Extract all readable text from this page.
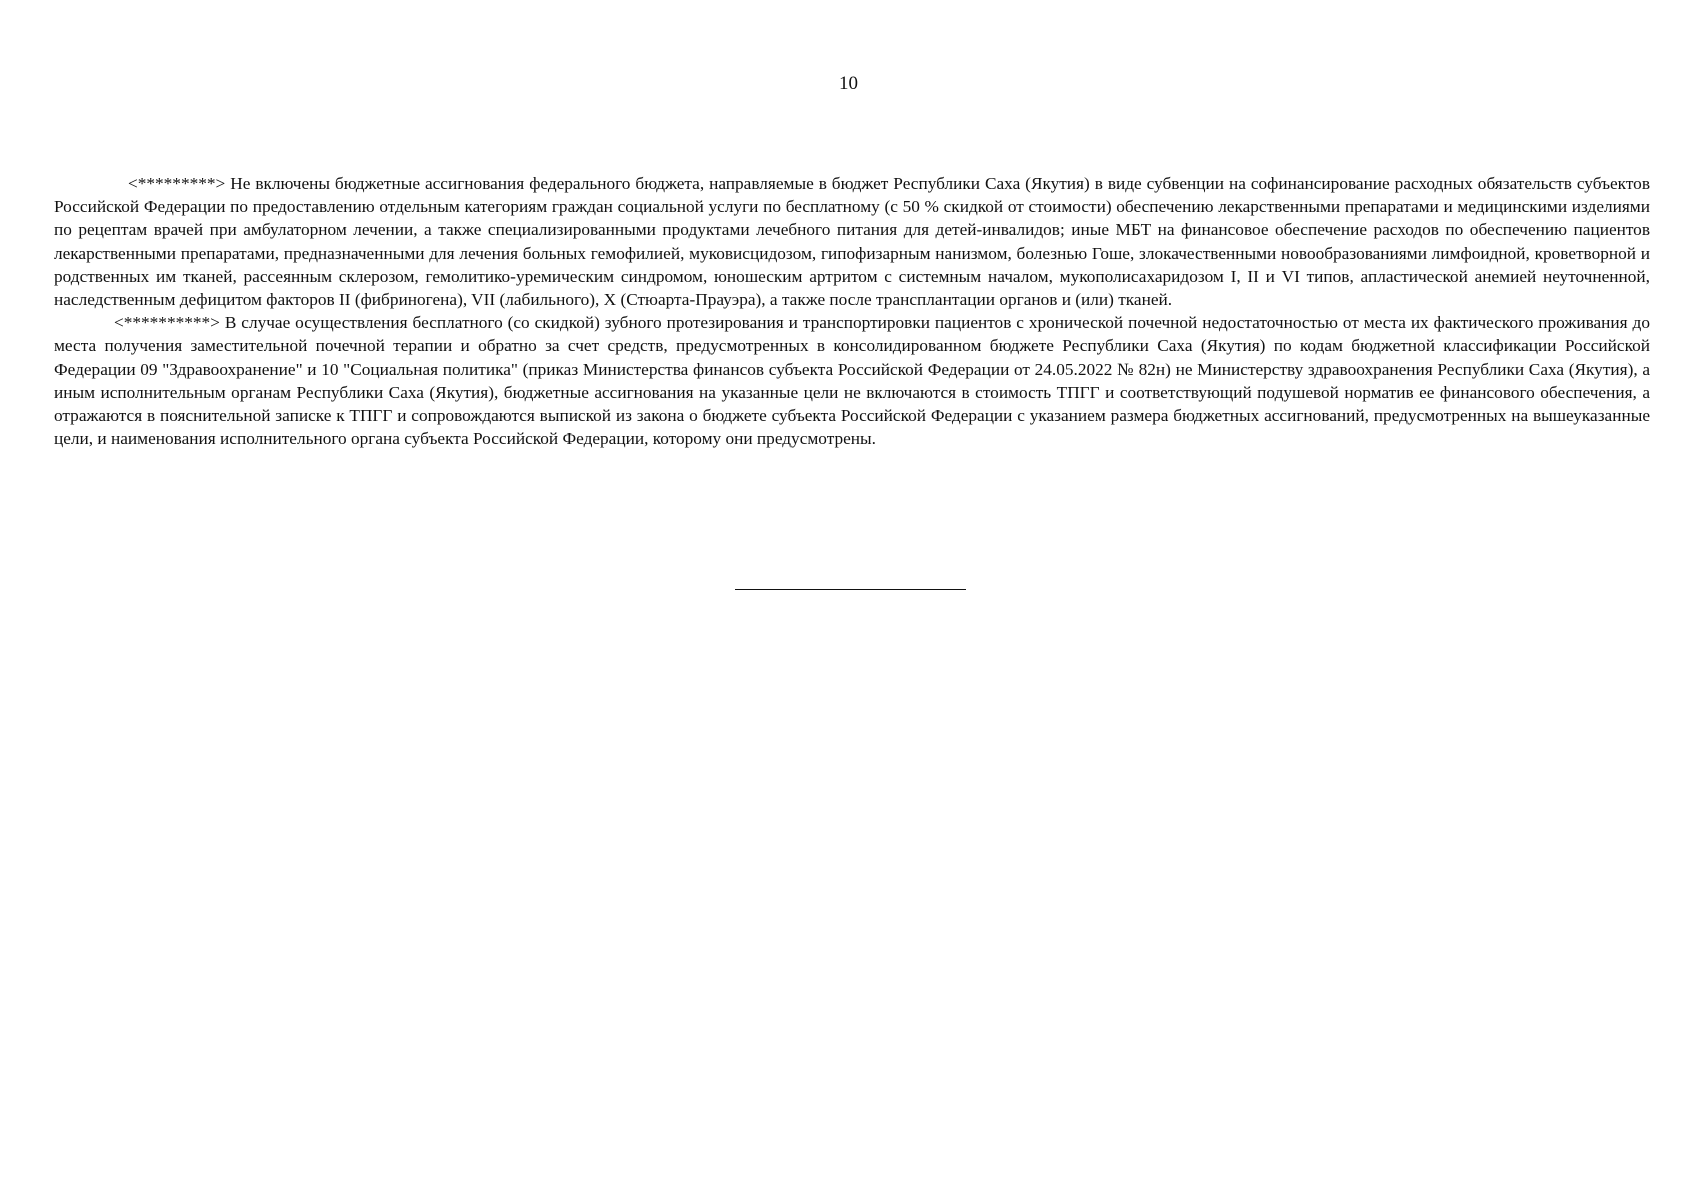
10

<*********> Не включены бюджетные ассигнования федерального бюджета, направляемые в бюджет Республики Саха (Якутия) в виде субвенции на софинансирование расходных обязательств субъектов Российской Федерации по предоставлению отдельным категориям граждан социальной услуги по бесплатному (с 50 % скидкой от стоимости) обеспечению лекарственными препаратами и медицинскими изделиями по рецептам врачей при амбулаторном лечении, а также специализированными продуктами лечебного питания для детей-инвалидов; иные МБТ на финансовое обеспечение расходов по обеспечению пациентов лекарственными препаратами, предназначенными для лечения больных гемофилией, муковисцидозом, гипофизарным нанизмом, болезнью Гоше, злокачественными новообразованиями лимфоидной, кроветворной и родственных им тканей, рассеянным склерозом, гемолитико-уремическим синдромом, юношеским артритом с системным началом, мукополисахаридозом I, II и VI типов, апластической анемией неуточненной, наследственным дефицитом факторов II (фибриногена), VII (лабильного), X (Стюарта-Прауэра), а также после трансплантации органов и (или) тканей.

<**********> В случае осуществления бесплатного (со скидкой) зубного протезирования и транспортировки пациентов с хронической почечной недостаточностью от места их фактического проживания до места получения заместительной почечной терапии и обратно за счет средств, предусмотренных в консолидированном бюджете Республики Саха (Якутия) по кодам бюджетной классификации Российской Федерации 09 "Здравоохранение" и 10 "Социальная политика" (приказ Министерства финансов субъекта Российской Федерации от 24.05.2022 № 82н) не Министерству здравоохранения Республики Саха (Якутия), а иным исполнительным органам Республики Саха (Якутия), бюджетные ассигнования на указанные цели не включаются в стоимость ТПГГ и соответствующий подушевой норматив ее финансового обеспечения, а отражаются в пояснительной записке к ТПГГ и сопровождаются выпиской из закона о бюджете субъекта Российской Федерации с указанием размера бюджетных ассигнований, предусмотренных на вышеуказанные цели, и наименования исполнительного органа субъекта Российской Федерации, которому они предусмотрены.
